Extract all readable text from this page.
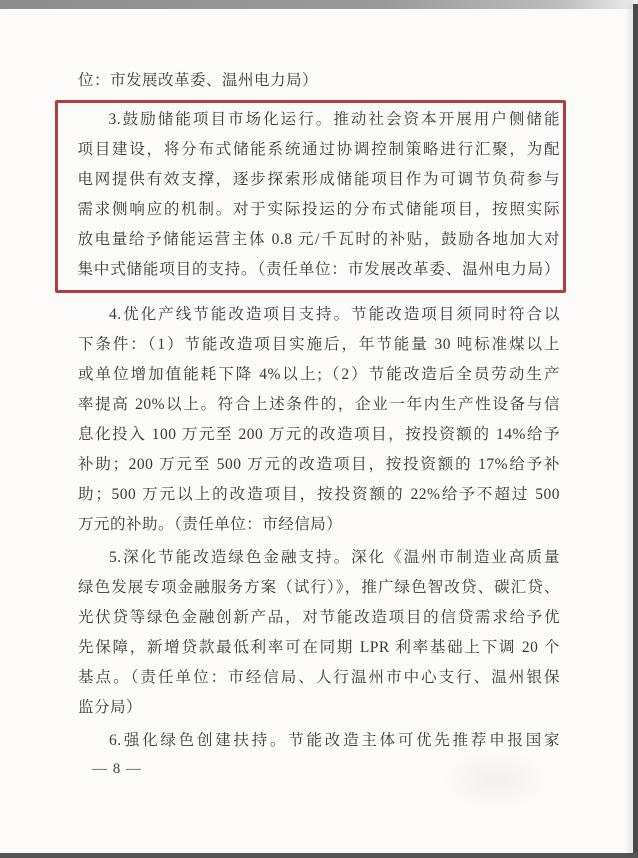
位：市发展改革委、温州电力局）
3.鼓励储能项目市场化运行。推动社会资本开展用户侧储能
项目建设，将分布式储能系统通过协调控制策略进行汇聚，为配
电网提供有效支撑，逐步探索形成储能项目作为可调节负荷参与
需求侧响应的机制。对于实际投运的分布式储能项目，按照实际
放电量给予储能运营主体 0.8 元/千瓦时的补贴，鼓励各地加大对
集中式储能项目的支持。（责任单位：市发展改革委、温州电力局）
4.优化产线节能改造项目支持。节能改造项目须同时符合以
下条件：（1）节能改造项目实施后，年节能量 30 吨标准煤以上
或单位增加值能耗下降 4%以上;（2）节能改造后全员劳动生产
率提高 20%以上。符合上述条件的，企业一年内生产性设备与信
息化投入 100 万元至 200 万元的改造项目，按投资额的 14%给予
补助；200 万元至 500 万元的改造项目，按投资额的 17%给予补
助；500 万元以上的改造项目，按投资额的 22%给予不超过 500
万元的补助。（责任单位：市经信局）
5.深化节能改造绿色金融支持。深化《温州市制造业高质量
绿色发展专项金融服务方案（试行）》，推广绿色智改贷、碳汇贷、
光伏贷等绿色金融创新产品，对节能改造项目的信贷需求给予优
先保障，新增贷款最低利率可在同期 LPR 利率基础上下调 20 个
基点。（责任单位：市经信局、人行温州市中心支行、温州银保
监分局）
6.强化绿色创建扶持。节能改造主体可优先推荐申报国家
— 8 —
